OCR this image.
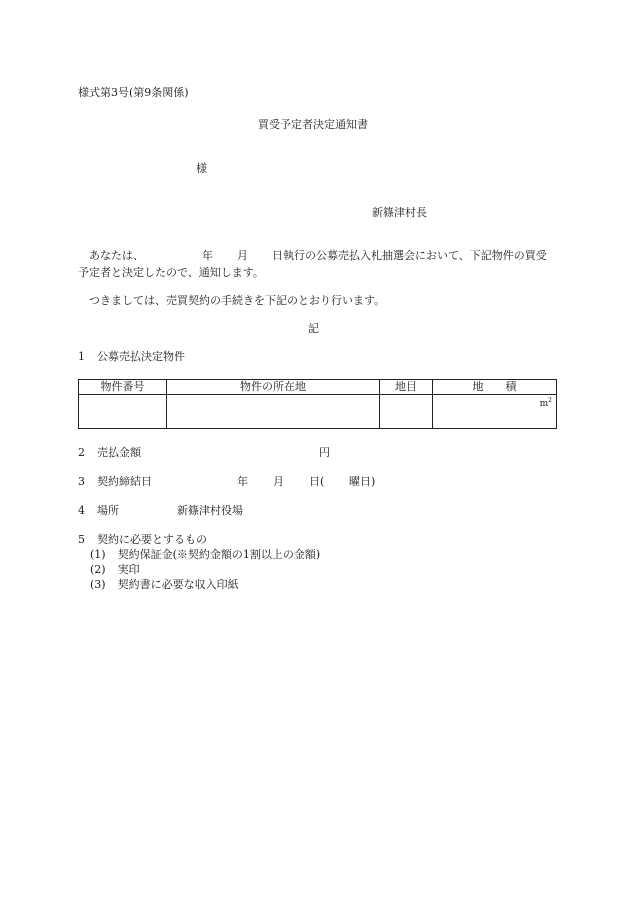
様式第3号(第9条関係)
買受予定者決定通知書
様
新篠津村長
あなたは、	年 月 日執行の公募売払入札抽選会において、下記物件の買受予定者と決定したので、通知します。
つきましては、売買契約の手続きを下記のとおり行います。
記
1 公募売払決定物件
物件番号	物件の所在地	地目	地　　積

			$m^2$
2 売払金額	円
3 契約締結日	年 月 日( 曜日)
4 場所	新篠津村役場
5 契約に必要とするもの
(1) 契約保証金(※契約金額の1割以上の金額)
(2) 実印
(3) 契約書に必要な収入印紙
